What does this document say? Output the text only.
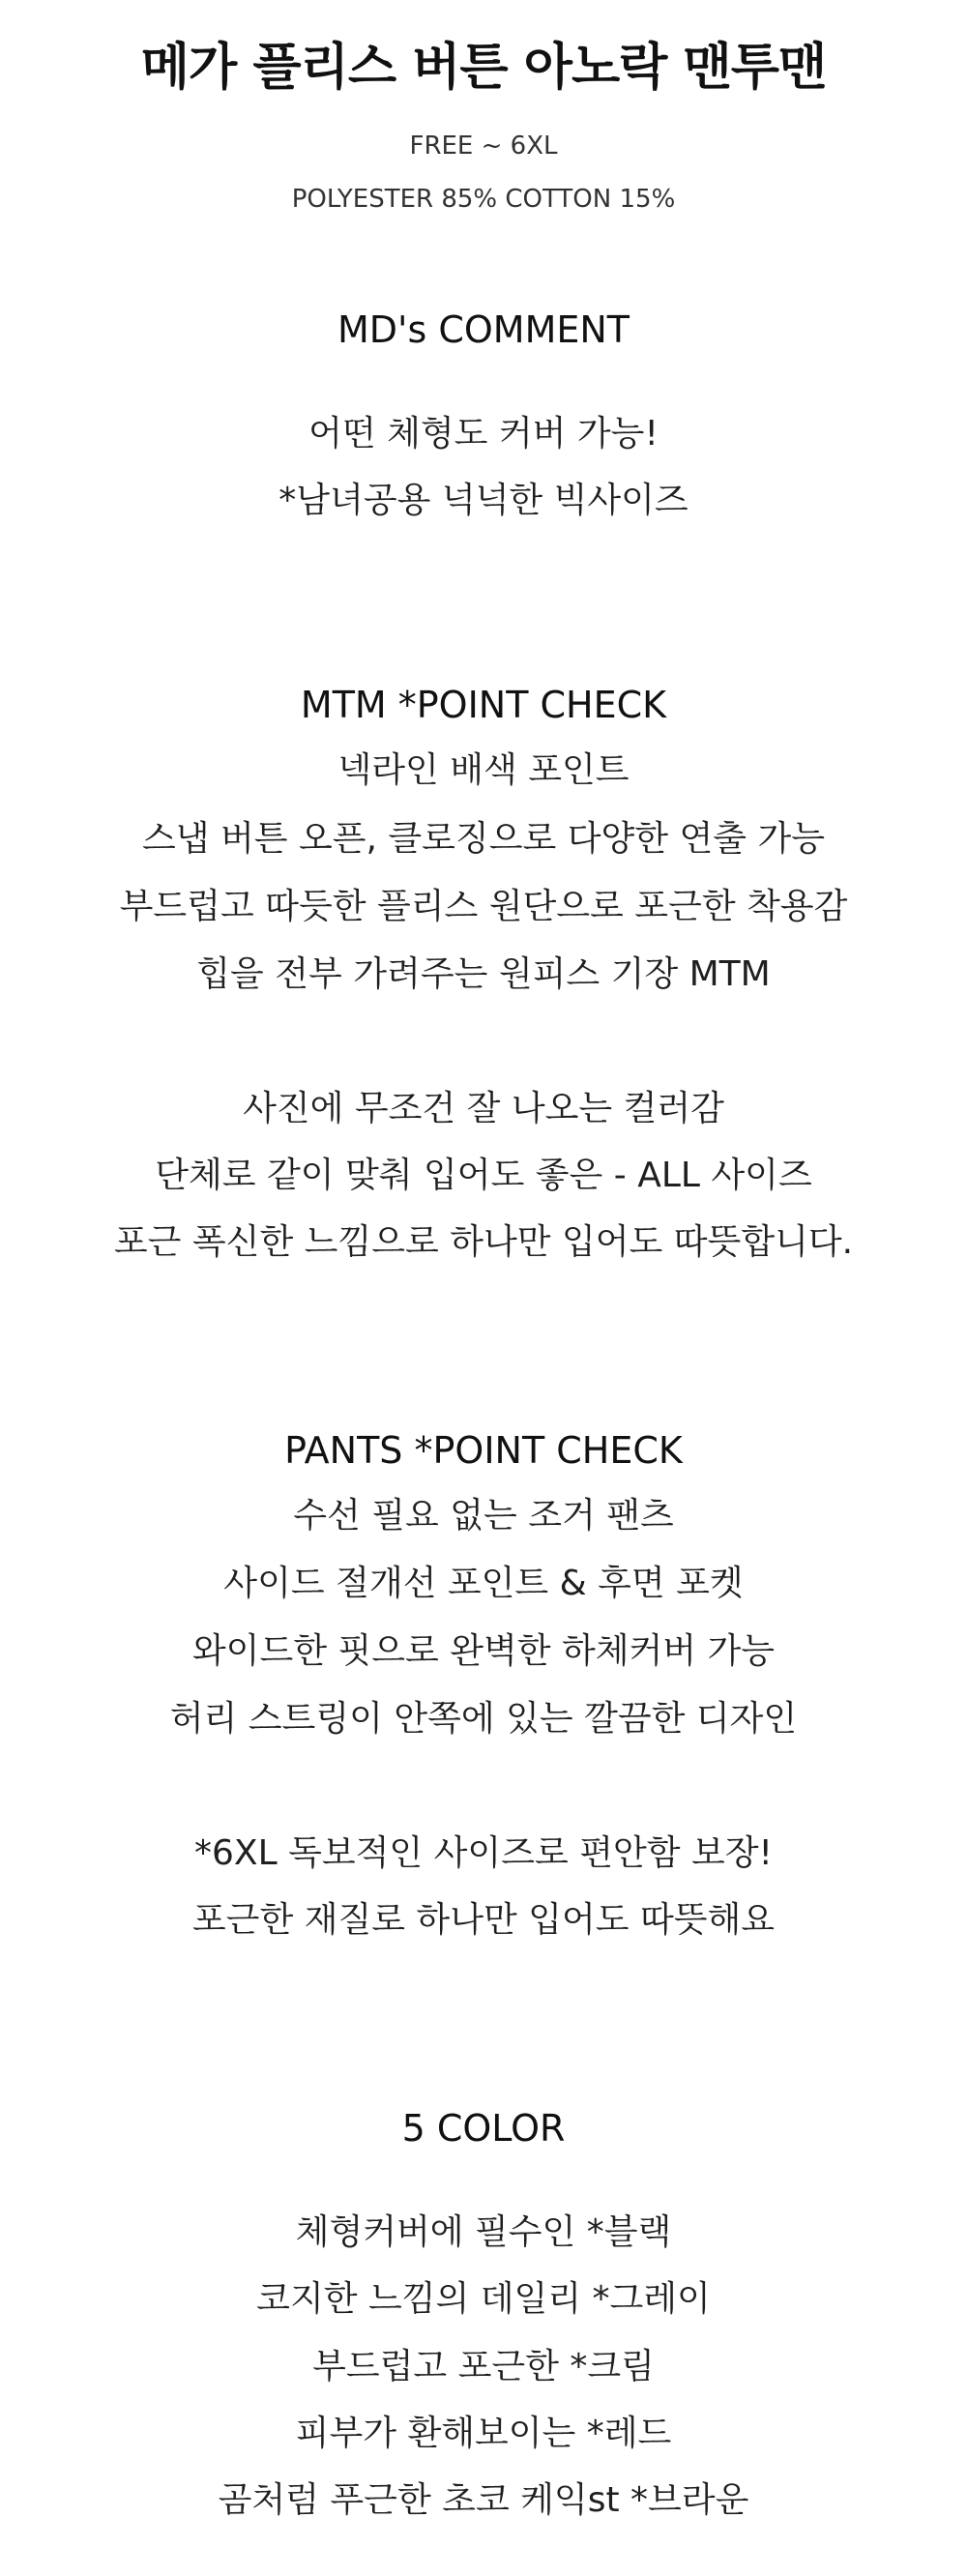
메가 플리스 버튼 아노락 맨투맨
FREE ~ 6XL
POLYESTER 85% COTTON 15%
MD's COMMENT
어떤 체형도 커버 가능!
*남녀공용 넉넉한 빅사이즈
MTM *POINT CHECK
넥라인 배색 포인트
스냅 버튼 오픈, 클로징으로 다양한 연출 가능
부드럽고 따듯한 플리스 원단으로 포근한 착용감
힙을 전부 가려주는 원피스 기장 MTM
사진에 무조건 잘 나오는 컬러감
단체로 같이 맞춰 입어도 좋은 - ALL 사이즈
포근 폭신한 느낌으로 하나만 입어도 따뜻합니다.
PANTS *POINT CHECK
수선 필요 없는 조거 팬츠
사이드 절개선 포인트 & 후면 포켓
와이드한 핏으로 완벽한 하체커버 가능
허리 스트링이 안쪽에 있는 깔끔한 디자인
*6XL 독보적인 사이즈로 편안함 보장!
포근한 재질로 하나만 입어도 따뜻해요
5 COLOR
체형커버에 필수인 *블랙
코지한 느낌의 데일리 *그레이
부드럽고 포근한 *크림
피부가 환해보이는 *레드
곰처럼 푸근한 초코 케익st *브라운
